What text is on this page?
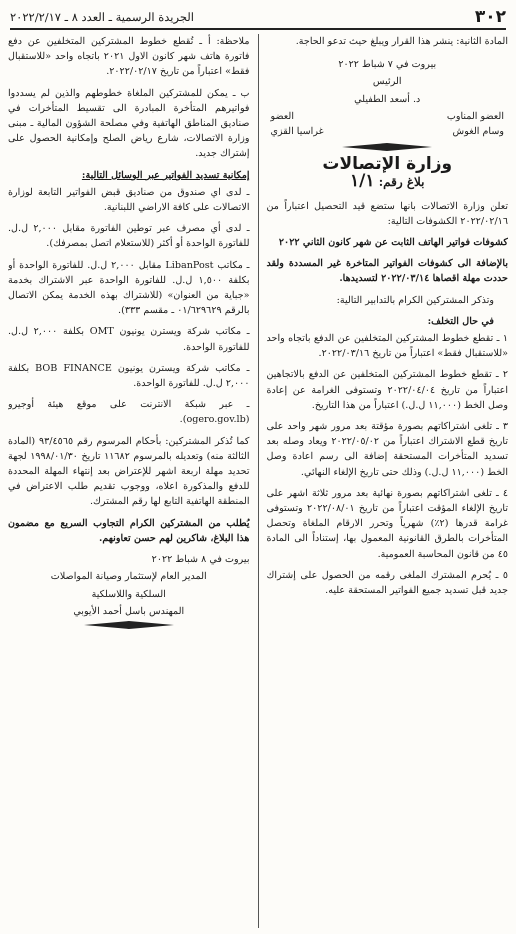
٣٠٢
الجريدة الرسمية ـ العدد ٨ ـ ٢٠٢٢/٢/١٧

المادة الثانية: ينشر هذا القرار ويبلغ حيث تدعو الحاجة.

بيروت في ٧ شباط ٢٠٢٢

الرئيس

د. أسعد الطفيلي

العضو المناوب
العضو
وسام الغوش
غراسيا القزي
وزارة الإتصالات
بلاغ رقم: ١/١

تعلن وزارة الاتصالات بانها ستضع قيد التحصيل اعتباراً من ٢٠٢٢/٠٢/١٦ الكشوفات التالية:

كشوفات فواتير الهاتف الثابت عن شهر كانون الثاني ٢٠٢٢

بالإضافة الى كشوفات الفواتير المتاخرة غير المسددة ولقد حددت مهلة اقصاها ٢٠٢٢/٠٣/١٤ لتسديدها.

وتذكر المشتركين الكرام بالتدابير التالية:

في حال التخلف:

١ ـ تقطع خطوط المشتركين المتخلفين عن الدفع باتجاه واحد «للاستقبال فقط» اعتباراً من تاريخ ٢٠٢٢/٠٣/١٦.

٢ ـ تقطع خطوط المشتركين المتخلفين عن الدفع بالاتجاهين اعتباراً من تاريخ ٢٠٢٢/٠٤/٠٤ وتستوفى الغرامة عن إعادة وصل الخط (١١,٠٠٠ ل.ل.) اعتباراً من هذا التاريخ.

٣ ـ تلغى اشتراكاتهم بصورة مؤقتة بعد مرور شهر واحد على تاريخ قطع الاشتراك اعتباراً من ٢٠٢٢/٠٥/٠٢ ويعاد وصله بعد تسديد المتأخرات المستحقة إضافة الى رسم اعادة وصل الخط (١١,٠٠٠ ل.ل.) وذلك حتى تاريخ الإلغاء النهائي.

٤ ـ تلغى اشتراكاتهم بصورة نهائية بعد مرور ثلاثة اشهر على تاريخ الإلغاء المؤقت اعتباراً من تاريخ ٢٠٢٢/٠٨/٠١ وتستوفى غرامة قدرها (٢٪) شهرياً وتحرر الارقام الملغاة وتحصل المتأخرات بالطرق القانونية المعمول بها، إستناداً الى المادة ٤٥ من قانون المحاسبة العمومية.

٥ ـ يُحرم المشترك الملغى رقمه من الحصول على إشتراك جديد قبل تسديد جميع الفواتير المستحقة عليه.

ملاحظة: أ ـ تُقطع خطوط المشتركين المتخلفين عن دفع فاتورة هاتف شهر كانون الاول ٢٠٢١ باتجاه واحد «للاستقبال فقط» اعتباراً من تاريخ ٢٠٢٢/٠٢/١٧.

ب ـ يمكن للمشتركين الملغاة خطوطهم والذين لم يسددوا فواتيرهم المتأخرة المبادرة الى تقسيط المتأخرات في صناديق المناطق الهاتفية وفي مصلحة الشؤون المالية ـ مبنى وزارة الاتصالات، شارع رياض الصلح وإمكانية الحصول على إشتراك جديد.

إمكانية تسديد الفواتير عبر الوسائل التالية:

ـ لدى اي صندوق من صناديق قبض الفواتير التابعة لوزارة الاتصالات على كافة الاراضي اللبنانية.

ـ لدى أي مصرف عبر توطين الفاتورة مقابل ٢,٠٠٠ ل.ل. للفاتورة الواحدة أو أكثر (للاستعلام اتصل بمصرفك).

ـ مكاتب LibanPost مقابل ٢,٠٠٠ ل.ل. للفاتورة الواحدة أو بكلفة ١,٥٠٠ ل.ل. للفاتورة الواحدة عبر الاشتراك بخدمة «جباية من العنوان» (للاشتراك بهذه الخدمة يمكن الاتصال بالرقم ٠١/٦٢٩٦٢٩ ـ مقسم ٣٣٣).

ـ مكاتب شركة ويسترن يونيون OMT بكلفة ٢,٠٠٠ ل.ل. للفاتورة الواحدة.

ـ مكاتب شركة ويسترن يونيون BOB FINANCE بكلفة ٢,٠٠٠ ل.ل. للفاتورة الواحدة.

ـ عبر شبكة الانترنت على موقع هيئة أوجيرو (ogero.gov.lb).

كما تُذكر المشتركين: بأحكام المرسوم رقم ٩٣/٤٥٦٥ (المادة الثالثة منه) وتعديله بالمرسوم ١١٦٨٢ تاريخ ١٩٩٨/٠١/٣٠ لجهة تحديد مهلة اربعة اشهر للإعتراض بعد إنتهاء المهلة المحددة للدفع والمذكورة اعلاه، ووجوب تقديم طلب الاعتراض في المنطقة الهاتفية التابع لها رقم المشترك.

يُطلب من المشتركين الكرام التجاوب السريع مع مضمون هذا البلاغ، شاكرين لهم حسن تعاونهم.

بيروت في ٨ شباط ٢٠٢٢

المدير العام لإستثمار وصيانة المواصلات

السلكية واللاسلكية

المهندس باسل أحمد الأيوبي
